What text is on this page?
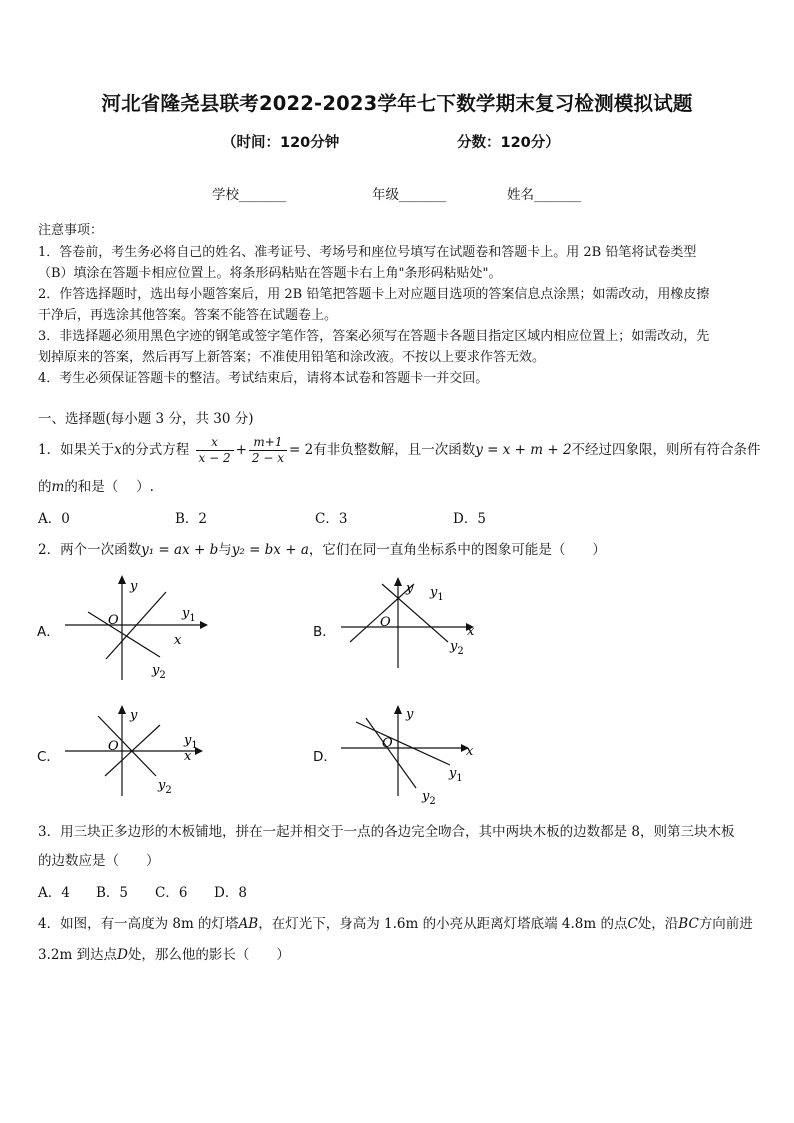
河北省隆尧县联考2022-2023学年七下数学期末复习检测模拟试题
（时间：120分钟	分数：120分）
学校_______	年级_______	姓名_______
注意事项：
1．答卷前，考生务必将自己的姓名、准考证号、考场号和座位号填写在试题卷和答题卡上。用 2B 铅笔将试卷类型
（B）填涂在答题卡相应位置上。将条形码粘贴在答题卡右上角"条形码粘贴处"。
2．作答选择题时，选出每小题答案后，用 2B 铅笔把答题卡上对应题目选项的答案信息点涂黑；如需改动，用橡皮擦
干净后，再选涂其他答案。答案不能答在试题卷上。
3．非选择题必须用黑色字迹的钢笔或签字笔作答，答案必须写在答题卡各题目指定区域内相应位置上；如需改动，先
划掉原来的答案，然后再写上新答案；不准使用铅笔和涂改液。不按以上要求作答无效。
4．考生必须保证答题卡的整洁。考试结束后，请将本试卷和答题卡一并交回。
一、选择题(每小题 3 分，共 30 分)
1．如果关于x的分式方程 $\frac{x}{x - 2} + \frac{m+1}{2 - x} = 2$有非负整数解，且一次函数y = x + m + 2不经过四象限，则所有符合条件
的m的和是（　 ）.
A．0	B．2	C．3	D．5
2．两个一次函数y₁ = ax + b与y₂ = bx + a，它们在同一直角坐标系中的图象可能是（　　）
A．	B．
C．	D．
y
x
O	$y_1$
$y_2$
y
x
O
$y_1$
$y_2$
y
x
O	$y_1$
$y_2$
y
x
O
$y_1$
$y_2$
3．用三块正多边形的木板铺地，拼在一起并相交于一点的各边完全吻合，其中两块木板的边数都是 8，则第三块木板
的边数应是（　　）
A．4 B．5 C．6 D．8
4．如图，有一高度为 8m 的灯塔AB，在灯光下，身高为 1.6m 的小亮从距离灯塔底端 4.8m 的点C处，沿BC方向前进
3.2m 到达点D处，那么他的影长（　　）
